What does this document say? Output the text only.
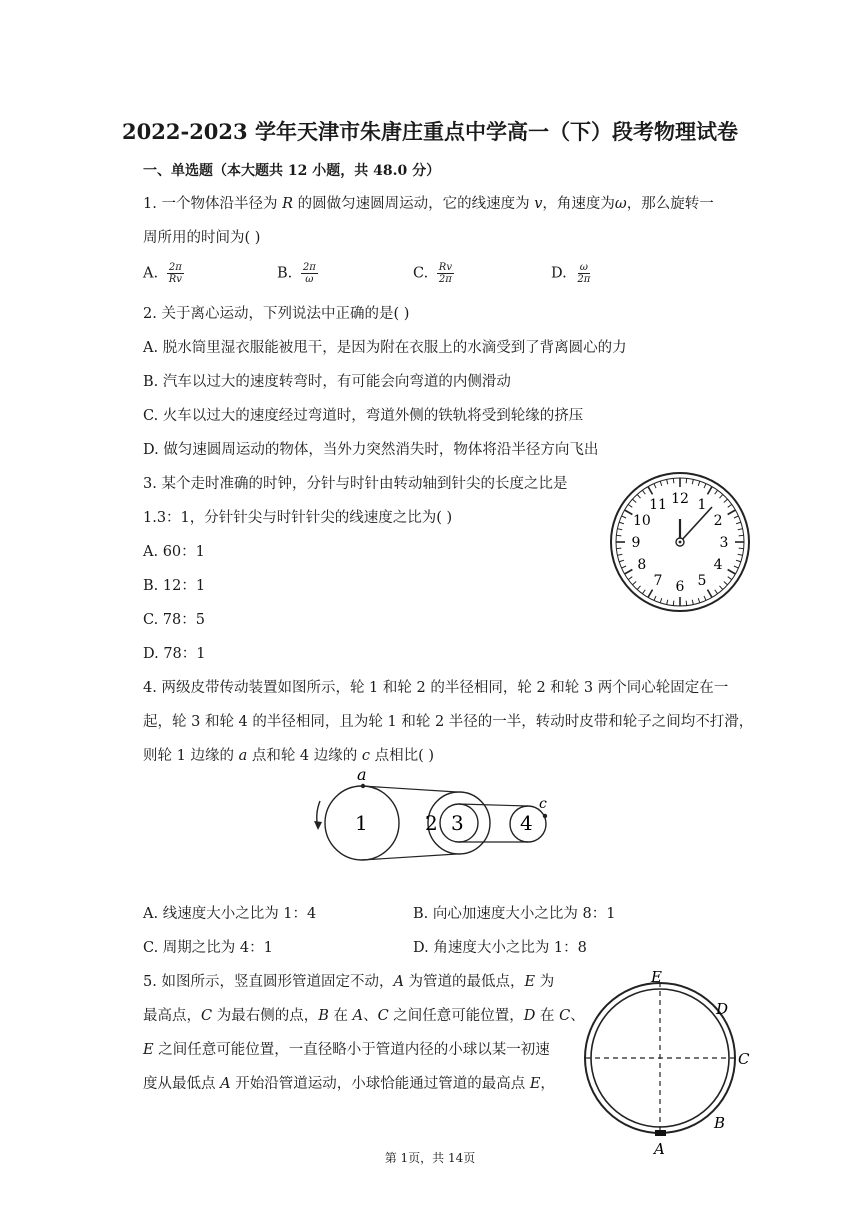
2022-2023 学年天津市朱唐庄重点中学高一（下）段考物理试卷
一、单选题（本大题共 12 小题，共 48.0 分）
1. 一个物体沿半径为 R 的圆做匀速圆周运动，它的线速度为 v，角速度为ω，那么旋转一
周所用的时间为( )
A. $\frac{2\pi}{Rv}$	B. $\frac{2\pi}{\omega}$	C. $\frac{Rv}{2\pi}$	D. $\frac{\omega}{2\pi}$
2. 关于离心运动，下列说法中正确的是( )
A. 脱水筒里湿衣服能被甩干，是因为附在衣服上的水滴受到了背离圆心的力
B. 汽车以过大的速度转弯时，有可能会向弯道的内侧滑动
C. 火车以过大的速度经过弯道时，弯道外侧的铁轨将受到轮缘的挤压
D. 做匀速圆周运动的物体，当外力突然消失时，物体将沿半径方向飞出
3. 某个走时准确的时钟，分针与时针由转动轴到针尖的长度之比是
1.3：1，分针针尖与时针针尖的线速度之比为( )
A. 60：1
B. 12：1
C. 78：5
D. 78：1
12 1
2
3
4
5
6
7
8
9
10
11
4. 两级皮带传动装置如图所示，轮 1 和轮 2 的半径相同，轮 2 和轮 3 两个同心轮固定在一
起，轮 3 和轮 4 的半径相同，且为轮 1 和轮 2 半径的一半，转动时皮带和轮子之间均不打滑，
则轮 1 边缘的 a 点和轮 4 边缘的 c 点相比( )
a
c
1	2 3	4
A. 线速度大小之比为 1：4	B. 向心加速度大小之比为 8：1
C. 周期之比为 4：1	D. 角速度大小之比为 1：8
5. 如图所示，竖直圆形管道固定不动，A 为管道的最低点，E 为
最高点，C 为最右侧的点，B 在 A、C 之间任意可能位置，D 在 C、
E 之间任意可能位置，一直径略小于管道内径的小球以某一初速
度从最低点 A 开始沿管道运动，小球恰能通过管道的最高点 E，
E
D
C
B
A
第 1页，共 14页
